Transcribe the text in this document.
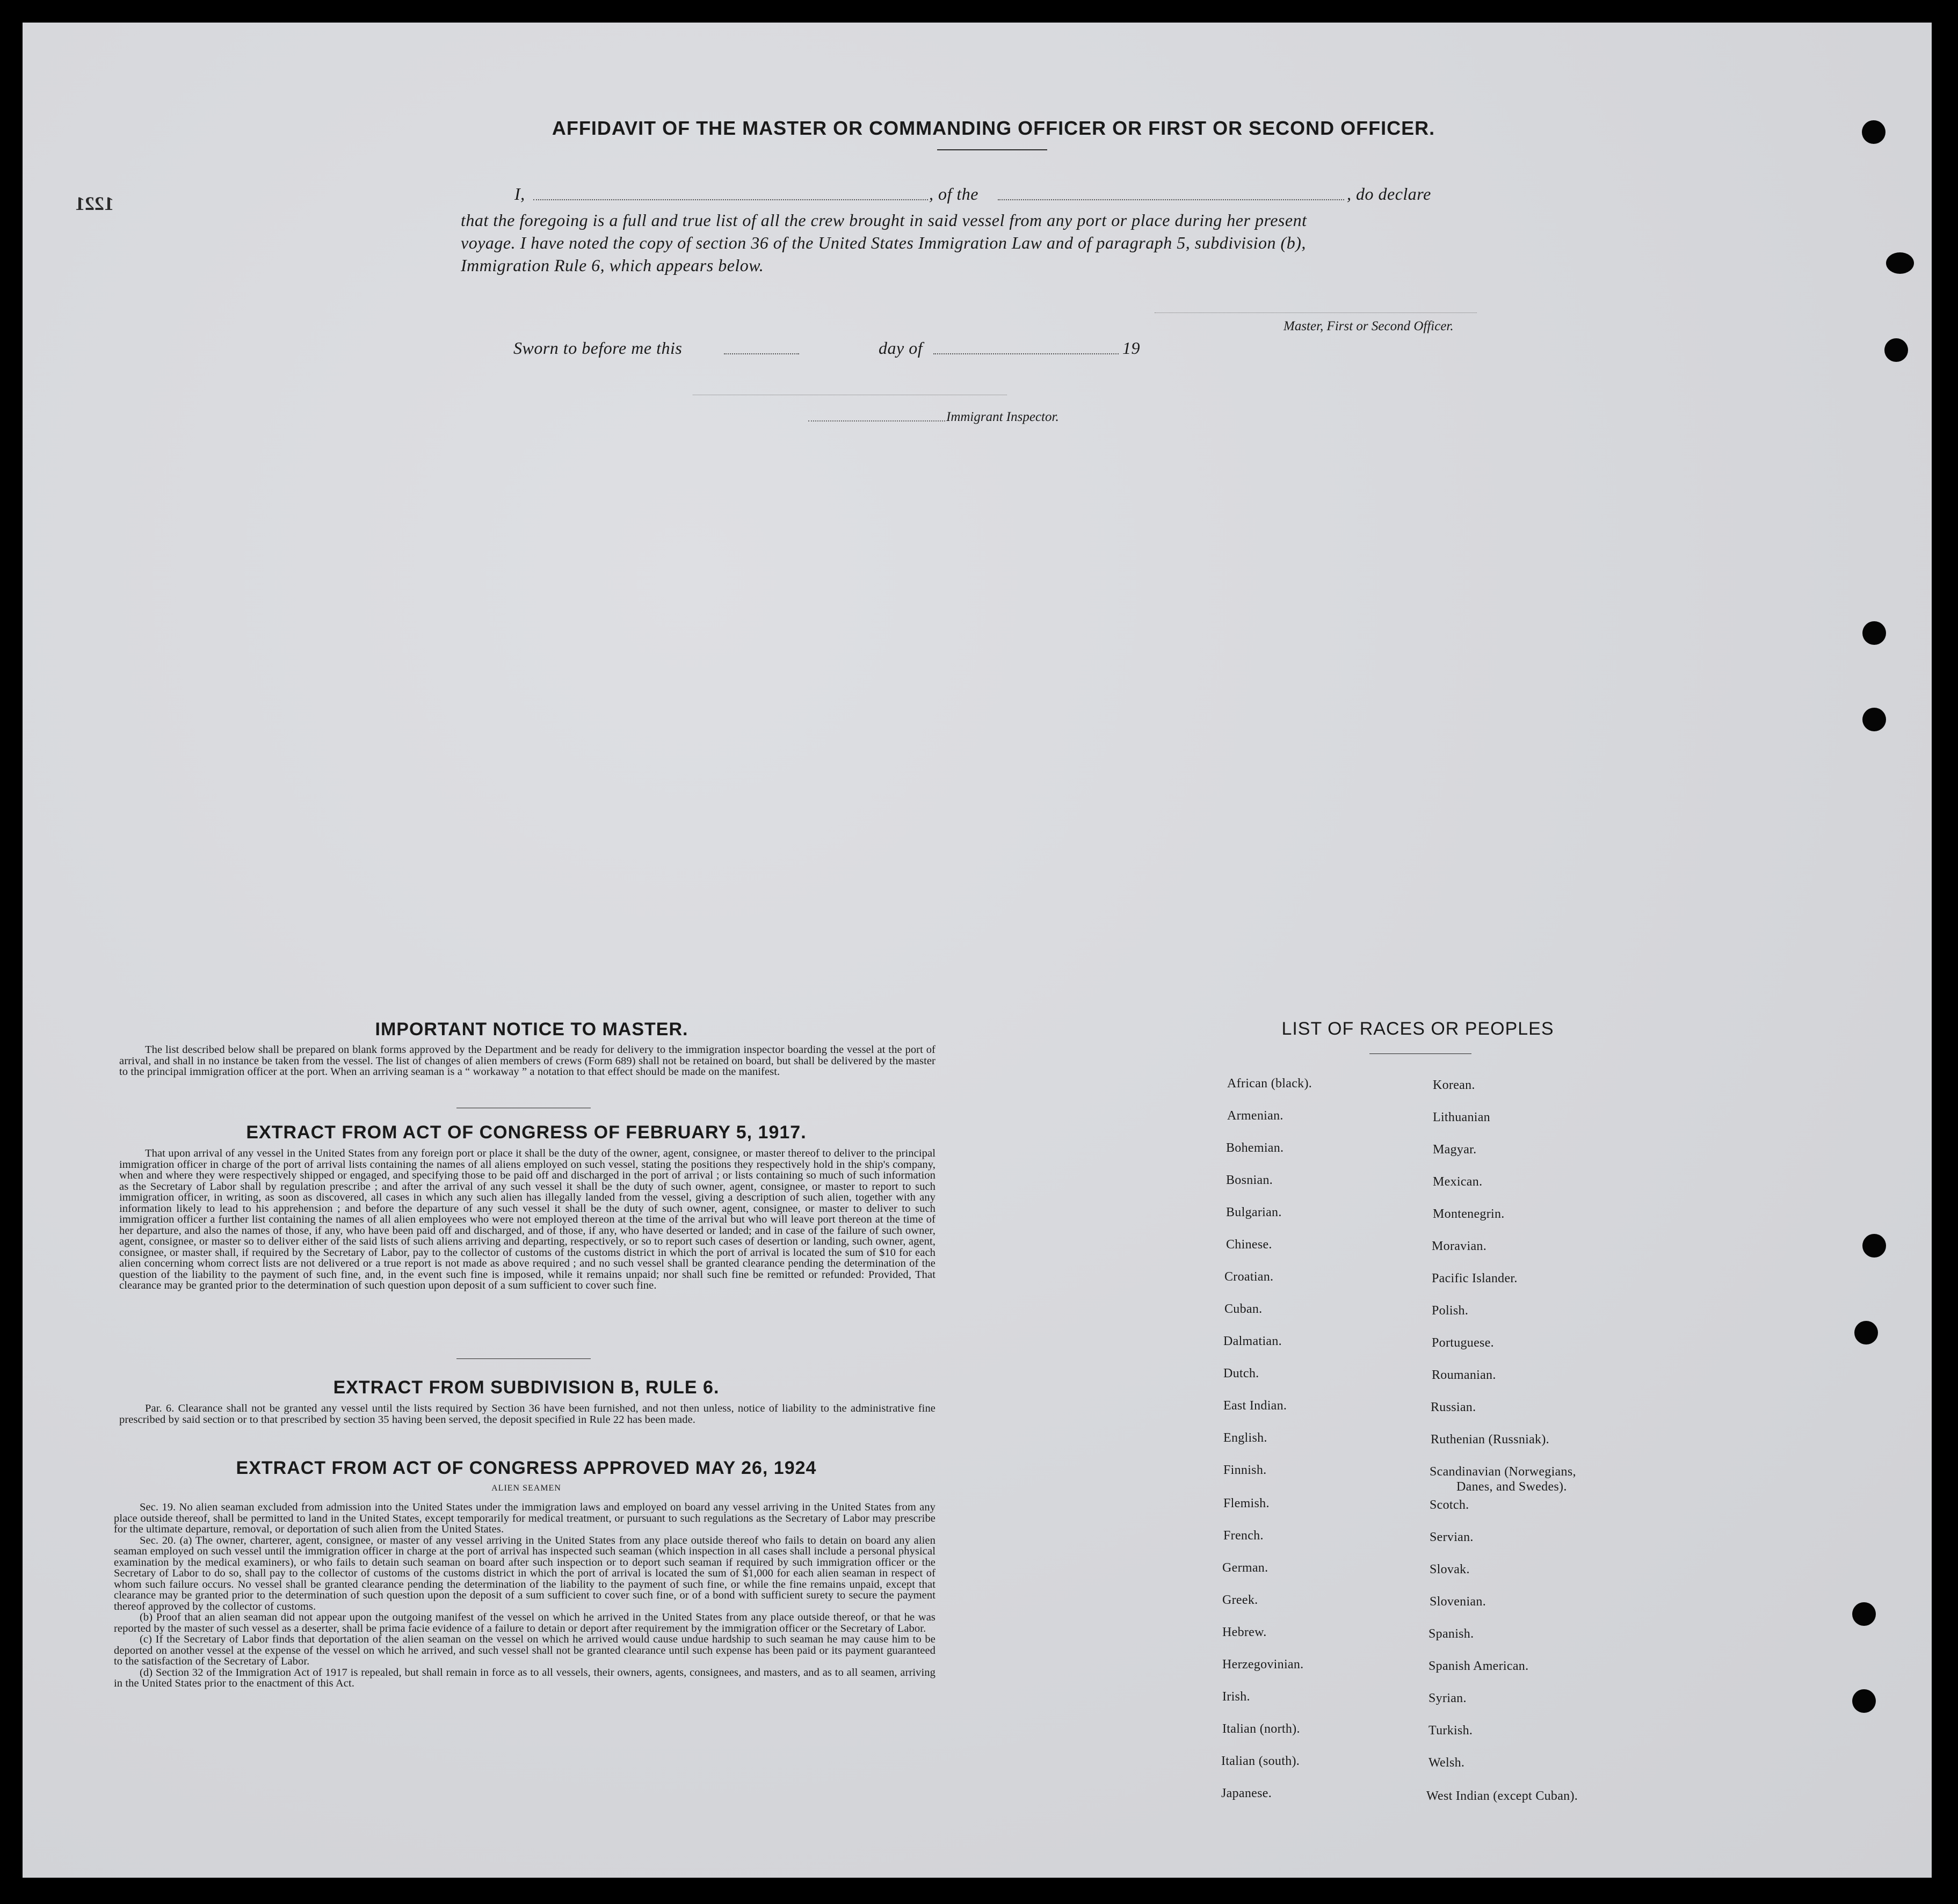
1221
AFFIDAVIT OF THE MASTER OR COMMANDING OFFICER OR FIRST OR SECOND OFFICER.
I,	, of the	, do declare
that the foregoing is a full and true list of all the crew brought in said vessel from any port or place during her present
voyage. I have noted the copy of section 36 of the United States Immigration Law and of paragraph 5, subdivision (b),
Immigration Rule 6, which appears below.
Master, First or Second Officer.
Sworn to before me this	day of	19
Immigrant Inspector.
IMPORTANT NOTICE TO MASTER.

The list described below shall be prepared on blank forms approved by the Department and be ready for delivery to the immigration inspector boarding the vessel at the port of arrival, and shall in no instance be taken from the vessel. The list of changes of alien members of crews (Form 689) shall not be retained on board, but shall be delivered by the master to the principal immigration officer at the port. When an arriving seaman is a “ workaway ” a notation to that effect should be made on the manifest.

EXTRACT FROM ACT OF CONGRESS OF FEBRUARY 5, 1917.

That upon arrival of any vessel in the United States from any foreign port or place it shall be the duty of the owner, agent, consignee, or master thereof to deliver to the principal immigration officer in charge of the port of arrival lists containing the names of all aliens employed on such vessel, stating the positions they respectively hold in the ship's company, when and where they were respectively shipped or engaged, and specifying those to be paid off and discharged in the port of arrival ; or lists containing so much of such information as the Secretary of Labor shall by regulation prescribe ; and after the arrival of any such vessel it shall be the duty of such owner, agent, consignee, or master to report to such immigration officer, in writing, as soon as discovered, all cases in which any such alien has illegally landed from the vessel, giving a description of such alien, together with any information likely to lead to his apprehension ; and before the departure of any such vessel it shall be the duty of such owner, agent, consignee, or master to deliver to such immigration officer a further list containing the names of all alien employees who were not employed thereon at the time of the arrival but who will leave port thereon at the time of her departure, and also the names of those, if any, who have been paid off and discharged, and of those, if any, who have deserted or landed; and in case of the failure of such owner, agent, consignee, or master so to deliver either of the said lists of such aliens arriving and departing, respectively, or so to report such cases of desertion or landing, such owner, agent, consignee, or master shall, if required by the Secretary of Labor, pay to the collector of customs of the customs district in which the port of arrival is located the sum of $10 for each alien concerning whom correct lists are not delivered or a true report is not made as above required ; and no such vessel shall be granted clearance pending the determination of the question of the liability to the payment of such fine, and, in the event such fine is imposed, while it remains unpaid; nor shall such fine be remitted or refunded: Provided, That clearance may be granted prior to the determination of such question upon deposit of a sum sufficient to cover such fine.

EXTRACT FROM SUBDIVISION B, RULE 6.

Par. 6. Clearance shall not be granted any vessel until the lists required by Section 36 have been furnished, and not then unless, notice of liability to the administrative fine prescribed by said section or to that prescribed by section 35 having been served, the deposit specified in Rule 22 has been made.

EXTRACT FROM ACT OF CONGRESS APPROVED MAY 26, 1924
ALIEN SEAMEN

Sec. 19. No alien seaman excluded from admission into the United States under the immigration laws and employed on board any vessel arriving in the United States from any place outside thereof, shall be permitted to land in the United States, except temporarily for medical treatment, or pursuant to such regulations as the Secretary of Labor may prescribe for the ultimate departure, removal, or deportation of such alien from the United States.

Sec. 20. (a) The owner, charterer, agent, consignee, or master of any vessel arriving in the United States from any place outside thereof who fails to detain on board any alien seaman employed on such vessel until the immigration officer in charge at the port of arrival has inspected such seaman (which inspection in all cases shall include a personal physical examination by the medical examiners), or who fails to detain such seaman on board after such inspection or to deport such seaman if required by such immigration officer or the Secretary of Labor to do so, shall pay to the collector of customs of the customs district in which the port of arrival is located the sum of $1,000 for each alien seaman in respect of whom such failure occurs. No vessel shall be granted clearance pending the determination of the liability to the payment of such fine, or while the fine remains unpaid, except that clearance may be granted prior to the determination of such question upon the deposit of a sum sufficient to cover such fine, or of a bond with sufficient surety to secure the payment thereof approved by the collector of customs.

(b) Proof that an alien seaman did not appear upon the outgoing manifest of the vessel on which he arrived in the United States from any place outside thereof, or that he was reported by the master of such vessel as a deserter, shall be prima facie evidence of a failure to detain or deport after requirement by the immigration officer or the Secretary of Labor.

(c) If the Secretary of Labor finds that deportation of the alien seaman on the vessel on which he arrived would cause undue hardship to such seaman he may cause him to be deported on another vessel at the expense of the vessel on which he arrived, and such vessel shall not be granted clearance until such expense has been paid or its payment guaranteed to the satisfaction of the Secretary of Labor.

(d) Section 32 of the Immigration Act of 1917 is repealed, but shall remain in force as to all vessels, their owners, agents, consignees, and masters, and as to all seamen, arriving in the United States prior to the enactment of this Act.

LIST OF RACES OR PEOPLES
African (black).
Armenian.
Bohemian.
Bosnian.
Bulgarian.
Chinese.
Croatian.
Cuban.
Dalmatian.
Dutch.
East Indian.
English.
Finnish.
Flemish.
French.
German.
Greek.
Hebrew.
Herzegovinian.
Irish.
Italian (north).
Italian (south).
Japanese.
Korean.
Lithuanian
Magyar.
Mexican.
Montenegrin.
Moravian.
Pacific Islander.
Polish.
Portuguese.
Roumanian.
Russian.
Ruthenian (Russniak).
Scandinavian (Norwegians,
Danes, and Swedes).
Scotch.
Servian.
Slovak.
Slovenian.
Spanish.
Spanish American.
Syrian.
Turkish.
Welsh.
West Indian (except Cuban).
